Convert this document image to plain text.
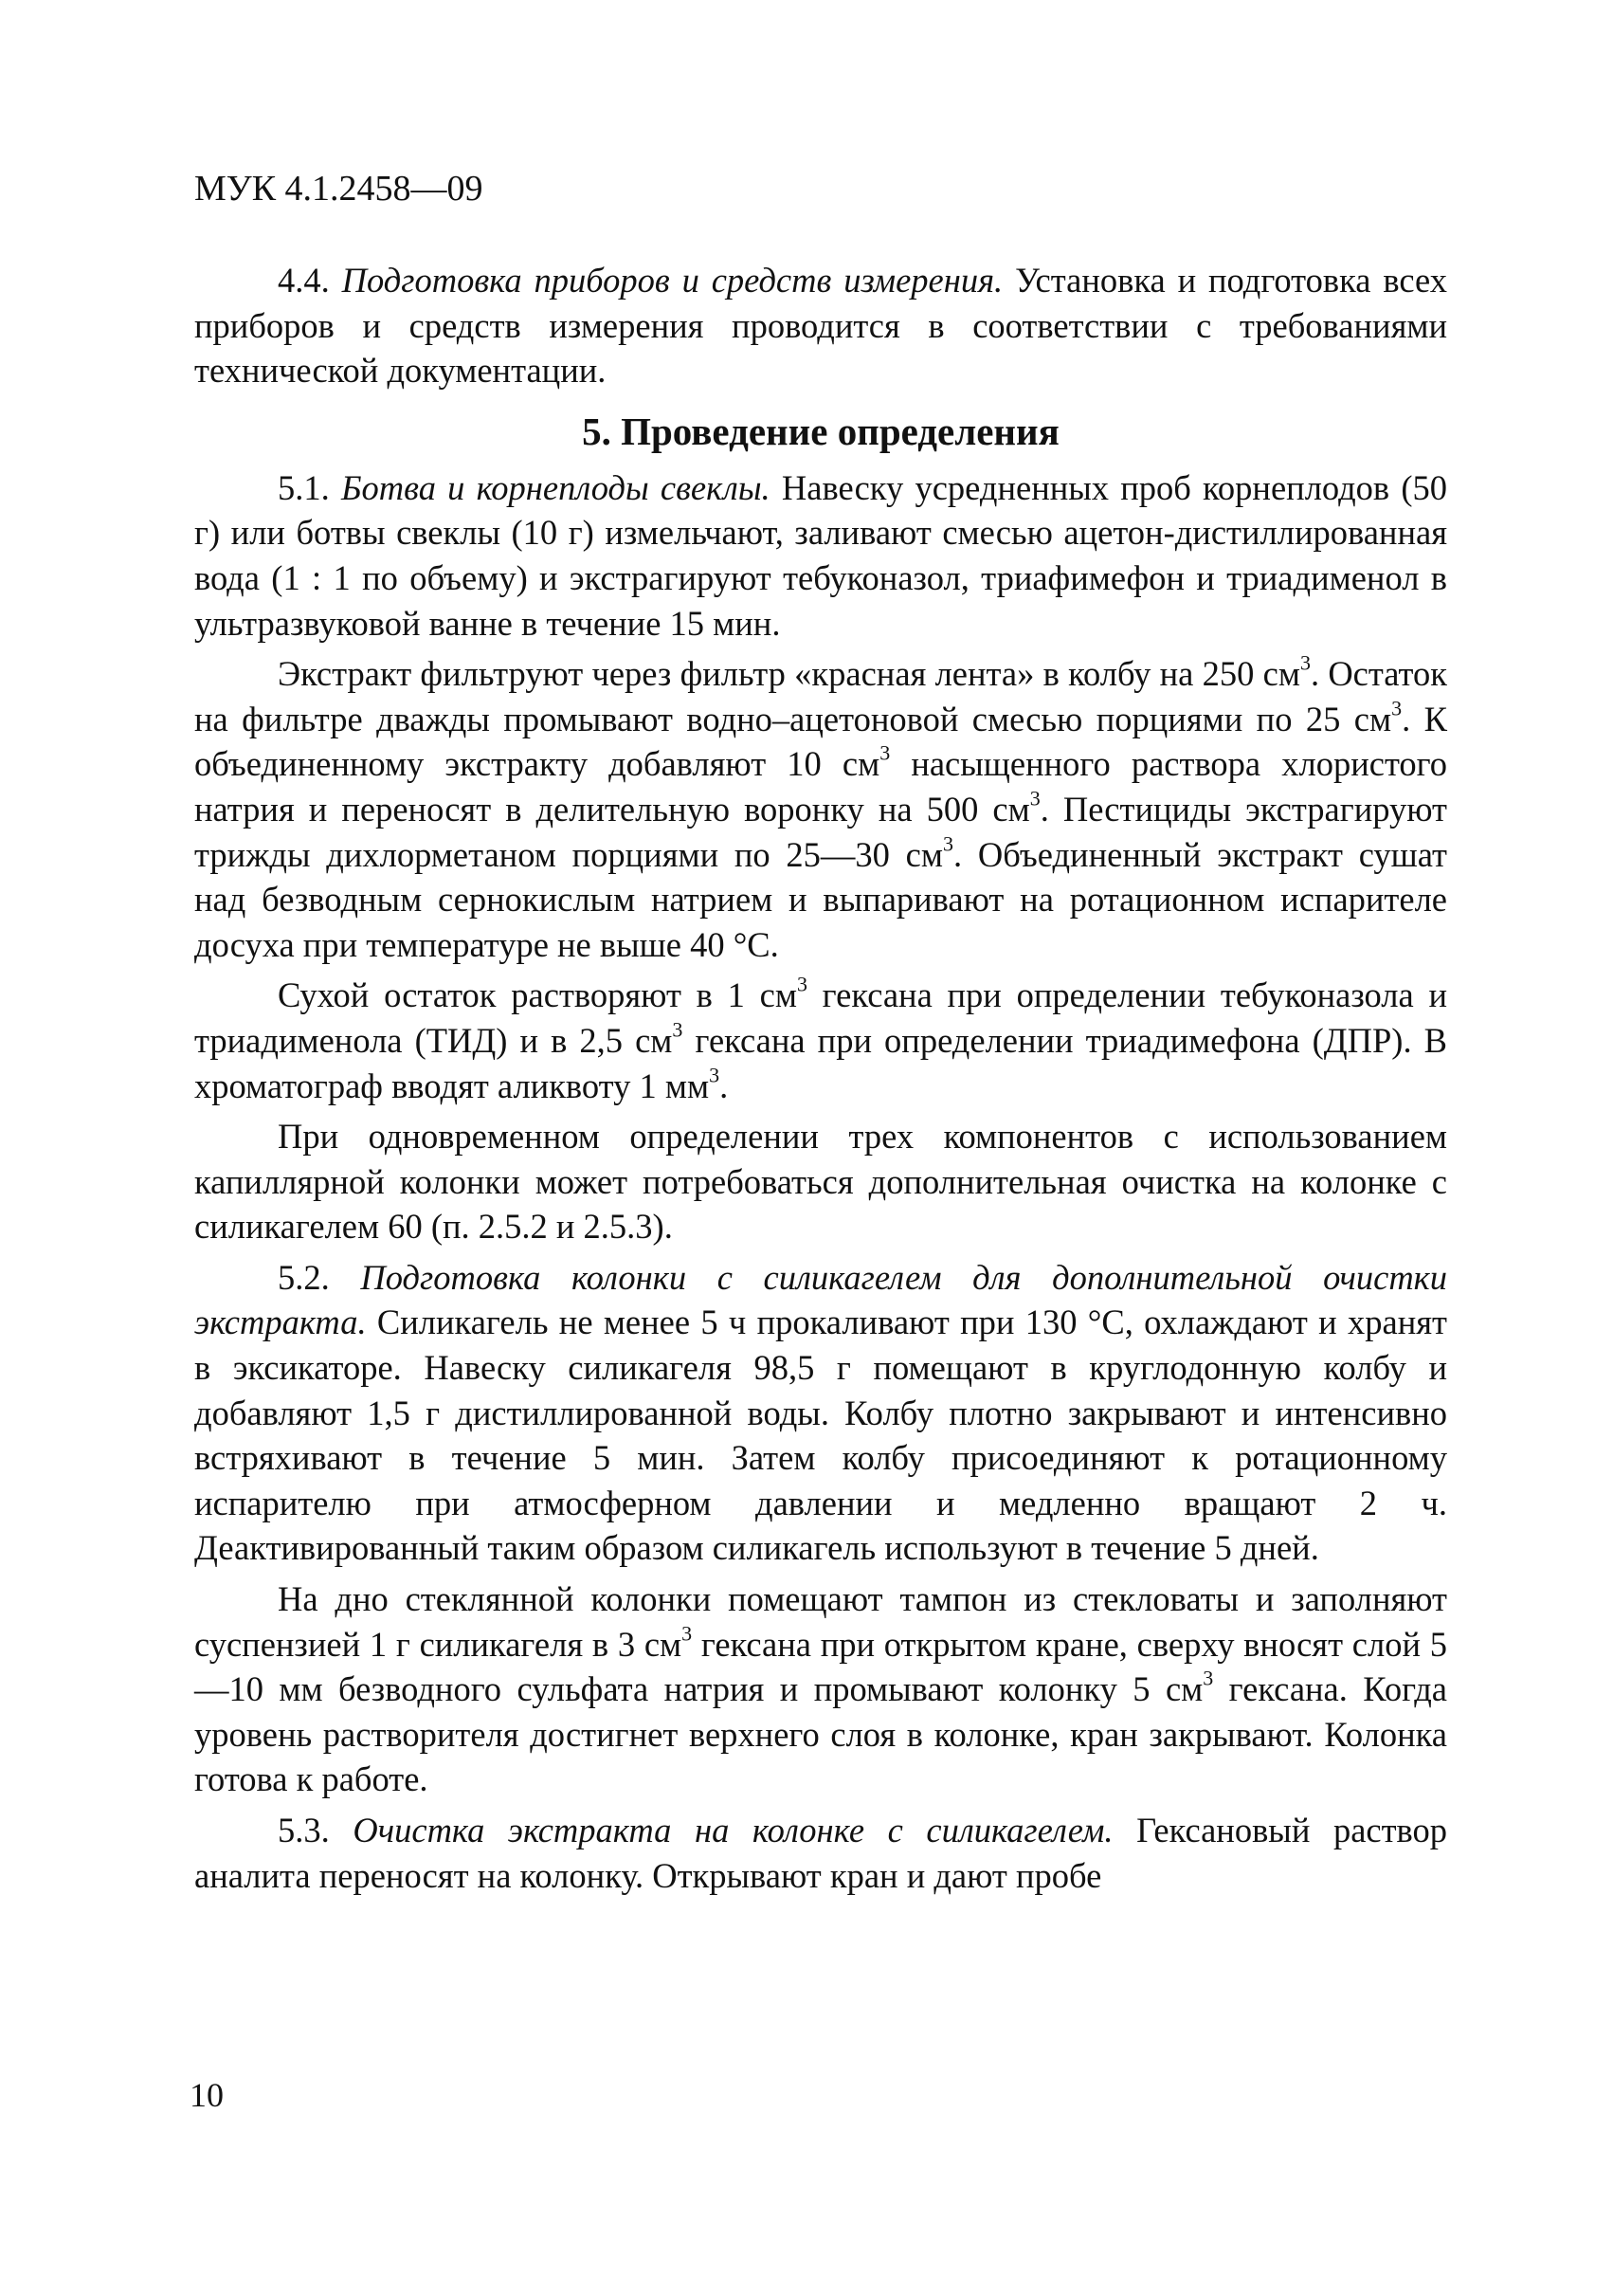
МУК 4.1.2458—09

4.4. Подготовка приборов и средств измерения. Установка и подготовка всех приборов и средств измерения проводится в соответствии с требованиями технической документации.

5. Проведение определения

5.1. Ботва и корнеплоды свеклы. Навеску усредненных проб корнеплодов (50 г) или ботвы свеклы (10 г) измельчают, заливают смесью ацетон-дистиллированная вода (1 : 1 по объему) и экстрагируют тебуконазол, триафимефон и триадименол в ультразвуковой ванне в течение 15 мин.

Экстракт фильтруют через фильтр «красная лента» в колбу на 250 $см^3$. Остаток на фильтре дважды промывают водно–ацетоновой смесью порциями по 25 $см^3$. К объединенному экстракту добавляют 10 $см^3$ насыщенного раствора хлористого натрия и переносят в делительную воронку на 500 $см^3$. Пестициды экстрагируют трижды дихлорметаном порциями по 25—30 $см^3$. Объединенный экстракт сушат над безводным сернокислым натрием и выпаривают на ротационном испарителе досуха при температуре не выше 40 °С.

Сухой остаток растворяют в 1 $см^3$ гексана при определении тебуконазола и триадименола (ТИД) и в 2,5 $см^3$ гексана при определении триадимефона (ДПР). В хроматограф вводят аликвоту 1 $мм^3$.

При одновременном определении трех компонентов с использованием капиллярной колонки может потребоваться дополнительная очистка на колонке с силикагелем 60 (п. 2.5.2 и 2.5.3).

5.2. Подготовка колонки с силикагелем для дополнительной очистки экстракта. Силикагель не менее 5 ч прокаливают при 130 °С, охлаждают и хранят в эксикаторе. Навеску силикагеля 98,5 г помещают в круглодонную колбу и добавляют 1,5 г дистиллированной воды. Колбу плотно закрывают и интенсивно встряхивают в течение 5 мин. Затем колбу присоединяют к ротационному испарителю при атмосферном давлении и медленно вращают 2 ч. Деактивированный таким образом силикагель используют в течение 5 дней.

На дно стеклянной колонки помещают тампон из стекловаты и заполняют суспензией 1 г силикагеля в 3 $см^3$ гексана при открытом кране, сверху вносят слой 5—10 мм безводного сульфата натрия и промывают колонку 5 $см^3$ гексана. Когда уровень растворителя достигнет верхнего слоя в колонке, кран закрывают. Колонка готова к работе.

5.3. Очистка экстракта на колонке с силикагелем. Гексановый раствор аналита переносят на колонку. Открывают кран и дают пробе

10
